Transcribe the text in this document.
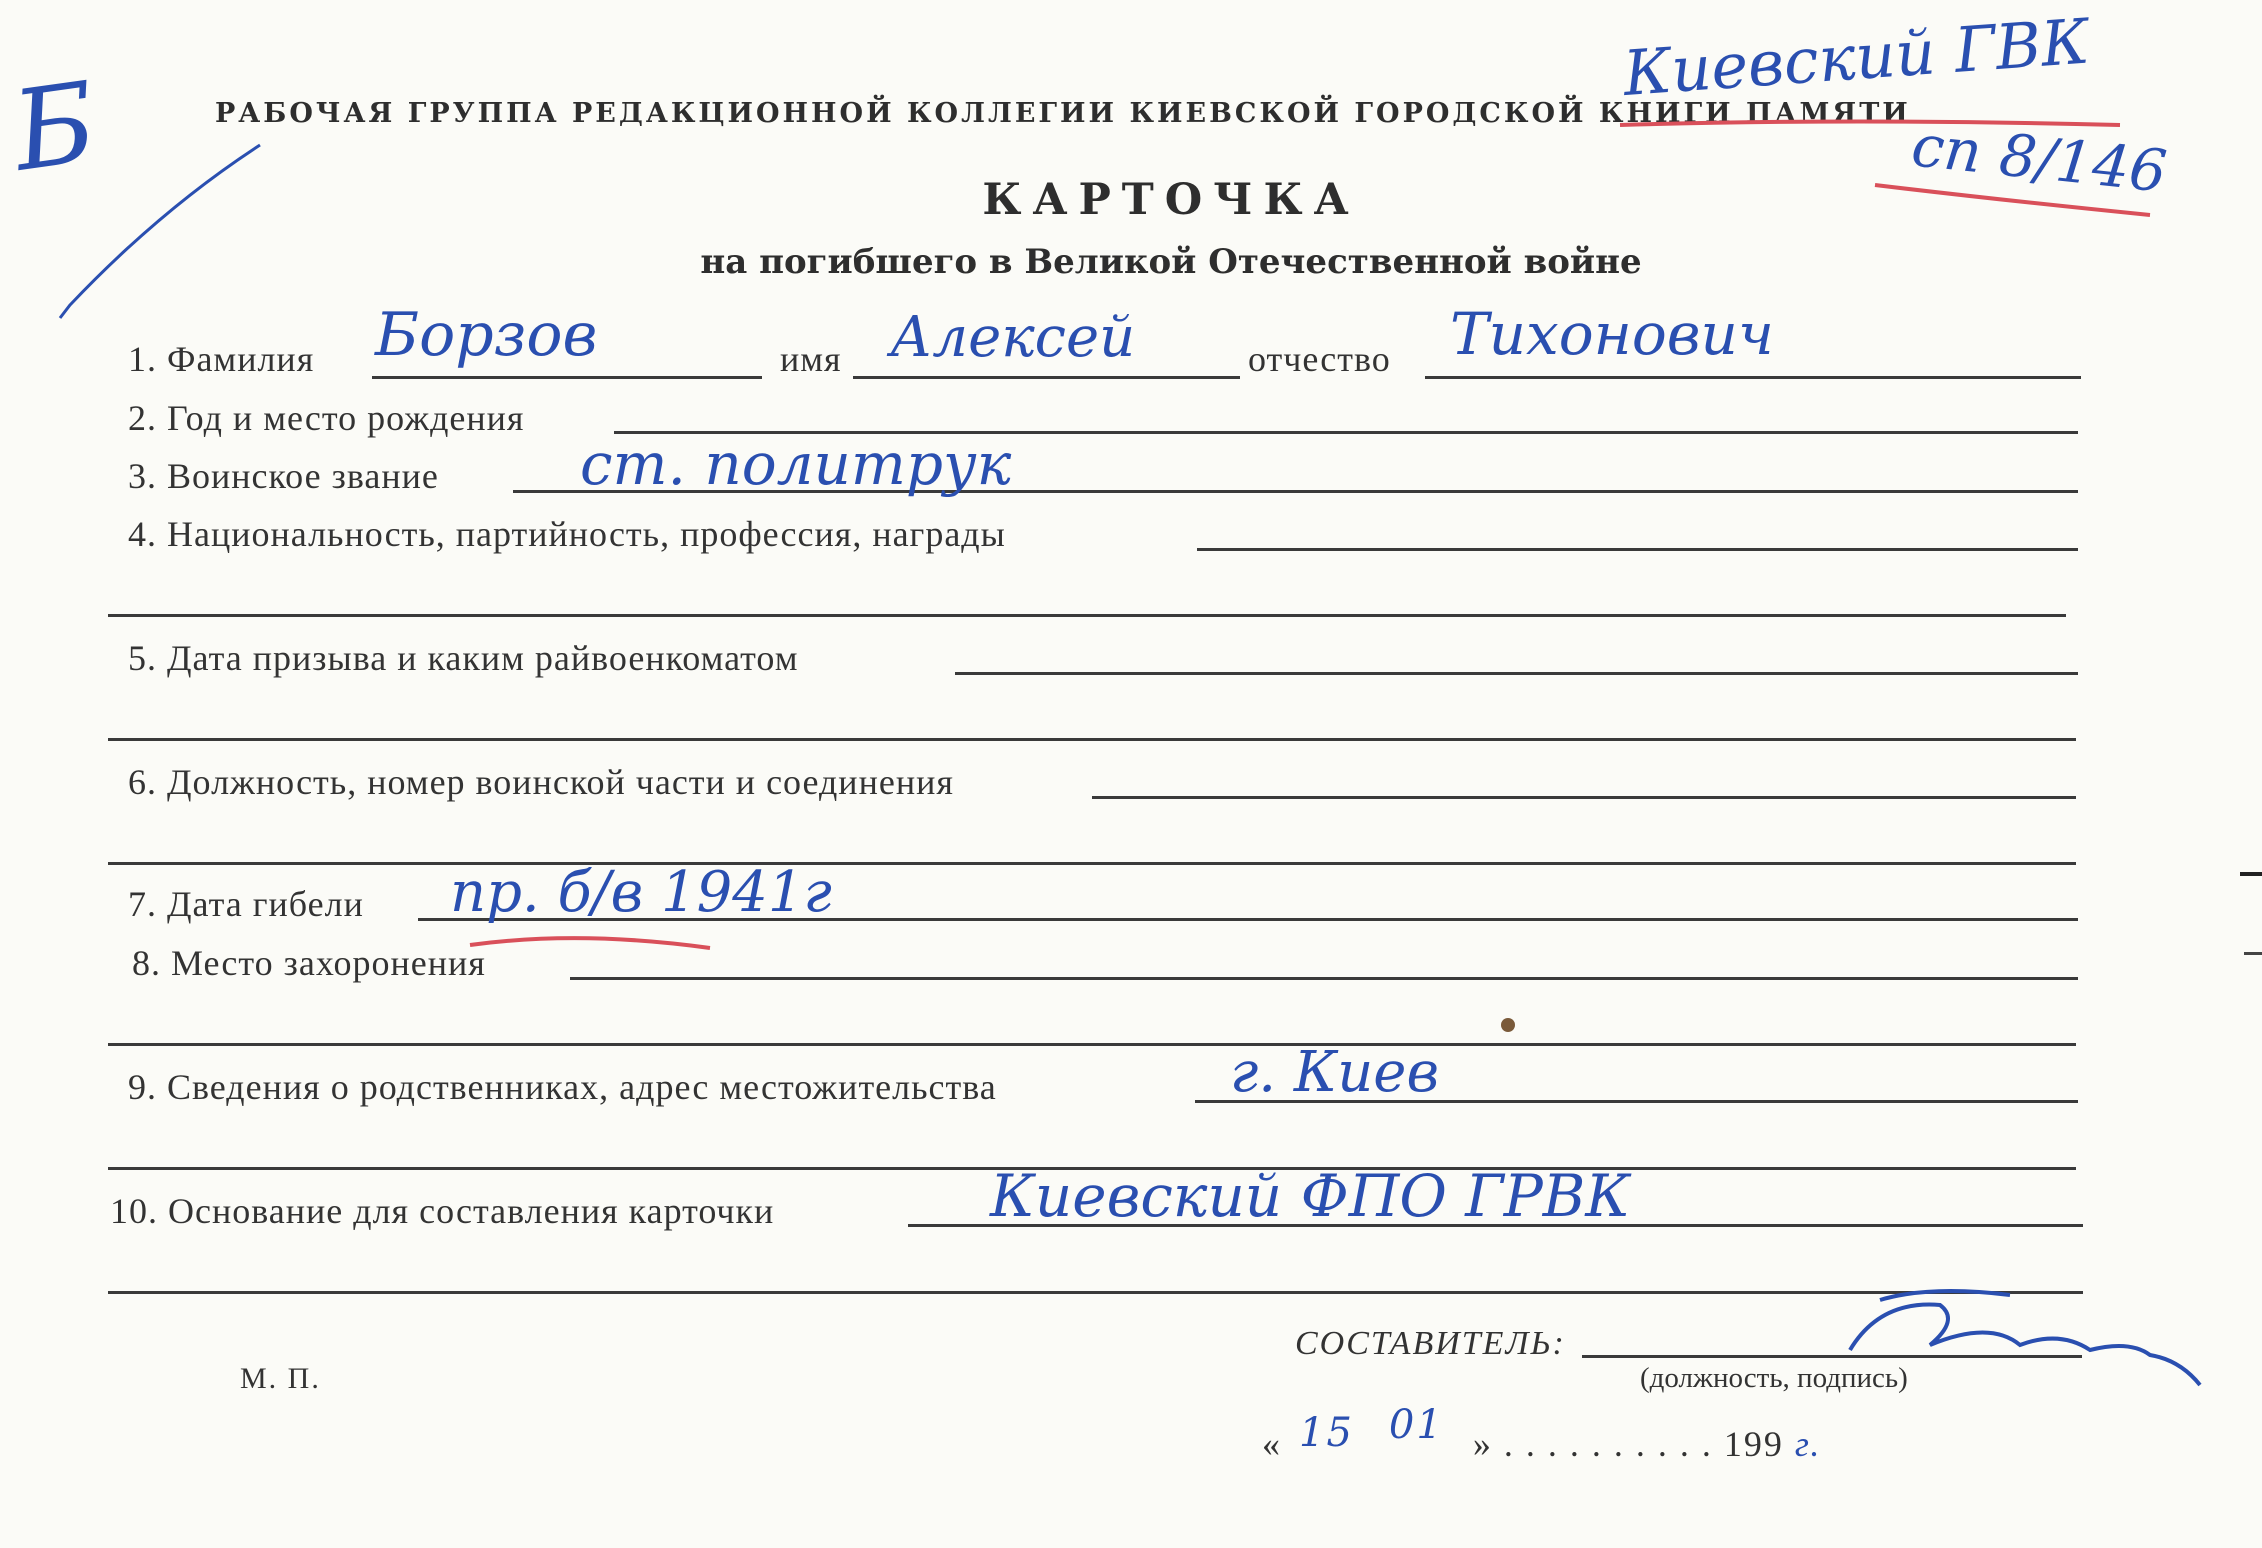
РАБОЧАЯ ГРУППА РЕДАКЦИОННОЙ КОЛЛЕГИИ КИЕВСКОЙ ГОРОДСКОЙ КНИГИ ПАМЯТИ
КАРТОЧКА
на погибшего в Великой Отечественной войне
1. Фамилия Борзов	имя Алексей	отчество Тихонович
2. Год и место рождения
3. Воинское звание ст. политрук
4. Национальность, партийность, профессия, награды
5. Дата призыва и каким райвоенкоматом
6. Должность, номер воинской части и соединения
7. Дата гибели пр. б/в 1941г
8. Место захоронения
9. Сведения о родственниках, адрес местожительства	г. Киев
10. Основание для составления карточки	Киевский ФПО ГРВК
М. П.
СОСТАВИТЕЛЬ:
(должность, подпись)
« 15 01 » . . . . . . . . . . 199 г.
Киевский ГВК
сп 8/146
Б
